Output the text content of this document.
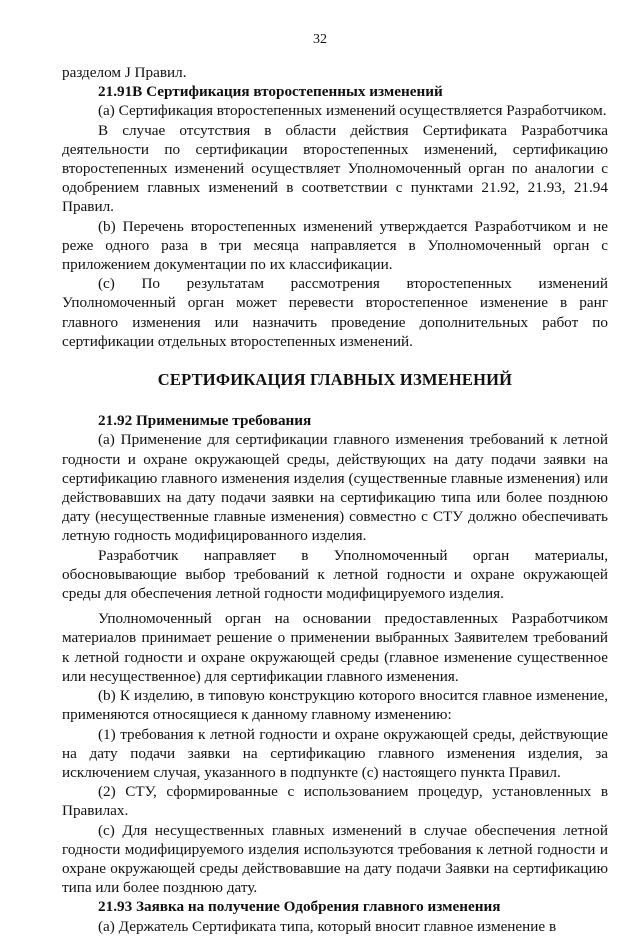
32

разделом J Правил.

21.91B Сертификация второстепенных изменений

(а) Сертификация второстепенных изменений осуществляется Разработчиком.

В случае отсутствия в области действия Сертификата Разработчика деятельности по сертификации второстепенных изменений, сертификацию второстепенных изменений осуществляет Уполномоченный орган по аналогии с одобрением главных изменений в соответствии с пунктами 21.92, 21.93, 21.94 Правил.

(b) Перечень второстепенных изменений утверждается Разработчиком и не реже одного раза в три месяца направляется в Уполномоченный орган с приложением документации по их классификации.

(c) По результатам рассмотрения второстепенных изменений Уполномоченный орган может перевести второстепенное изменение в ранг главного изменения или назначить проведение дополнительных работ по сертификации отдельных второстепенных изменений.

СЕРТИФИКАЦИЯ ГЛАВНЫХ ИЗМЕНЕНИЙ

21.92 Применимые требования

(а) Применение для сертификации главного изменения требований к летной годности и охране окружающей среды, действующих на дату подачи заявки на сертификацию главного изменения изделия (существенные главные изменения) или действовавших на дату подачи заявки на сертификацию типа или более позднюю дату (несущественные главные изменения) совместно с СТУ должно обеспечивать летную годность модифицированного изделия.

Разработчик направляет в Уполномоченный орган материалы, обосновывающие выбор требований к летной годности и охране окружающей среды для обеспечения летной годности модифицируемого изделия.

Уполномоченный орган на основании предоставленных Разработчиком материалов принимает решение о применении выбранных Заявителем требований к летной годности и охране окружающей среды (главное изменение существенное или несущественное) для сертификации главного изменения.

(b) К изделию, в типовую конструкцию которого вносится главное изменение, применяются относящиеся к данному главному изменению:

(1) требования к летной годности и охране окружающей среды, действующие на дату подачи заявки на сертификацию главного изменения изделия, за исключением случая, указанного в подпункте (c) настоящего пункта Правил.

(2) СТУ, сформированные с использованием процедур, установленных в Правилах.

(c) Для несущественных главных изменений в случае обеспечения летной годности модифицируемого изделия используются требования к летной годности и охране окружающей среды действовавшие на дату подачи Заявки на сертификацию типа или более позднюю дату.

21.93 Заявка на получение Одобрения главного изменения

(а) Держатель Сертификата типа, который вносит главное изменение в
